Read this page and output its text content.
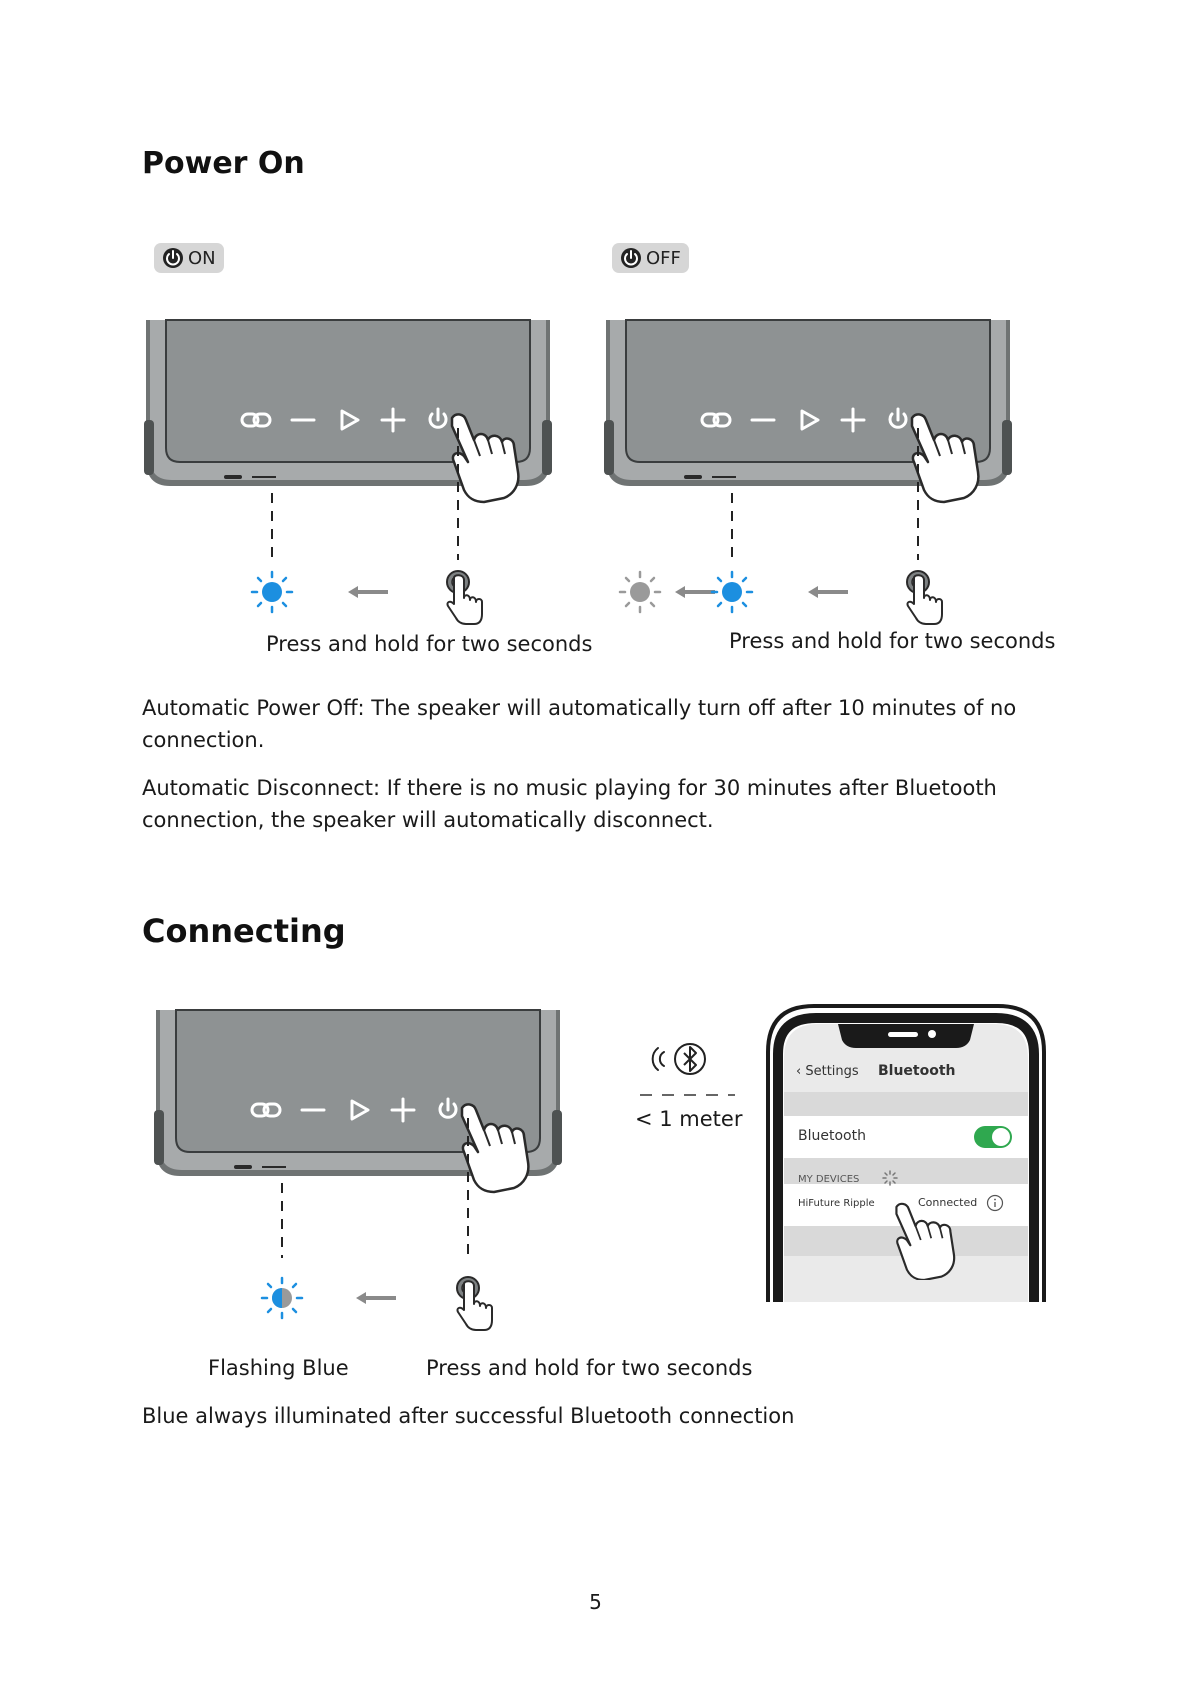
Power On
ON	OFF
Press and hold for two seconds	Press and hold for two seconds

Automatic Power Off: The speaker will automatically turn off after 10 minutes of no connection.

Automatic Disconnect: If there is no music playing for 30 minutes after Bluetooth connection, the speaker will automatically disconnect.

Connecting
< 1 meter
‹ Settings Bluetooth
Bluetooth
MY DEVICES
HiFuture Ripple	Connected
Flashing Blue	Press and hold for two seconds
Blue always illuminated after successful Bluetooth connection
5
